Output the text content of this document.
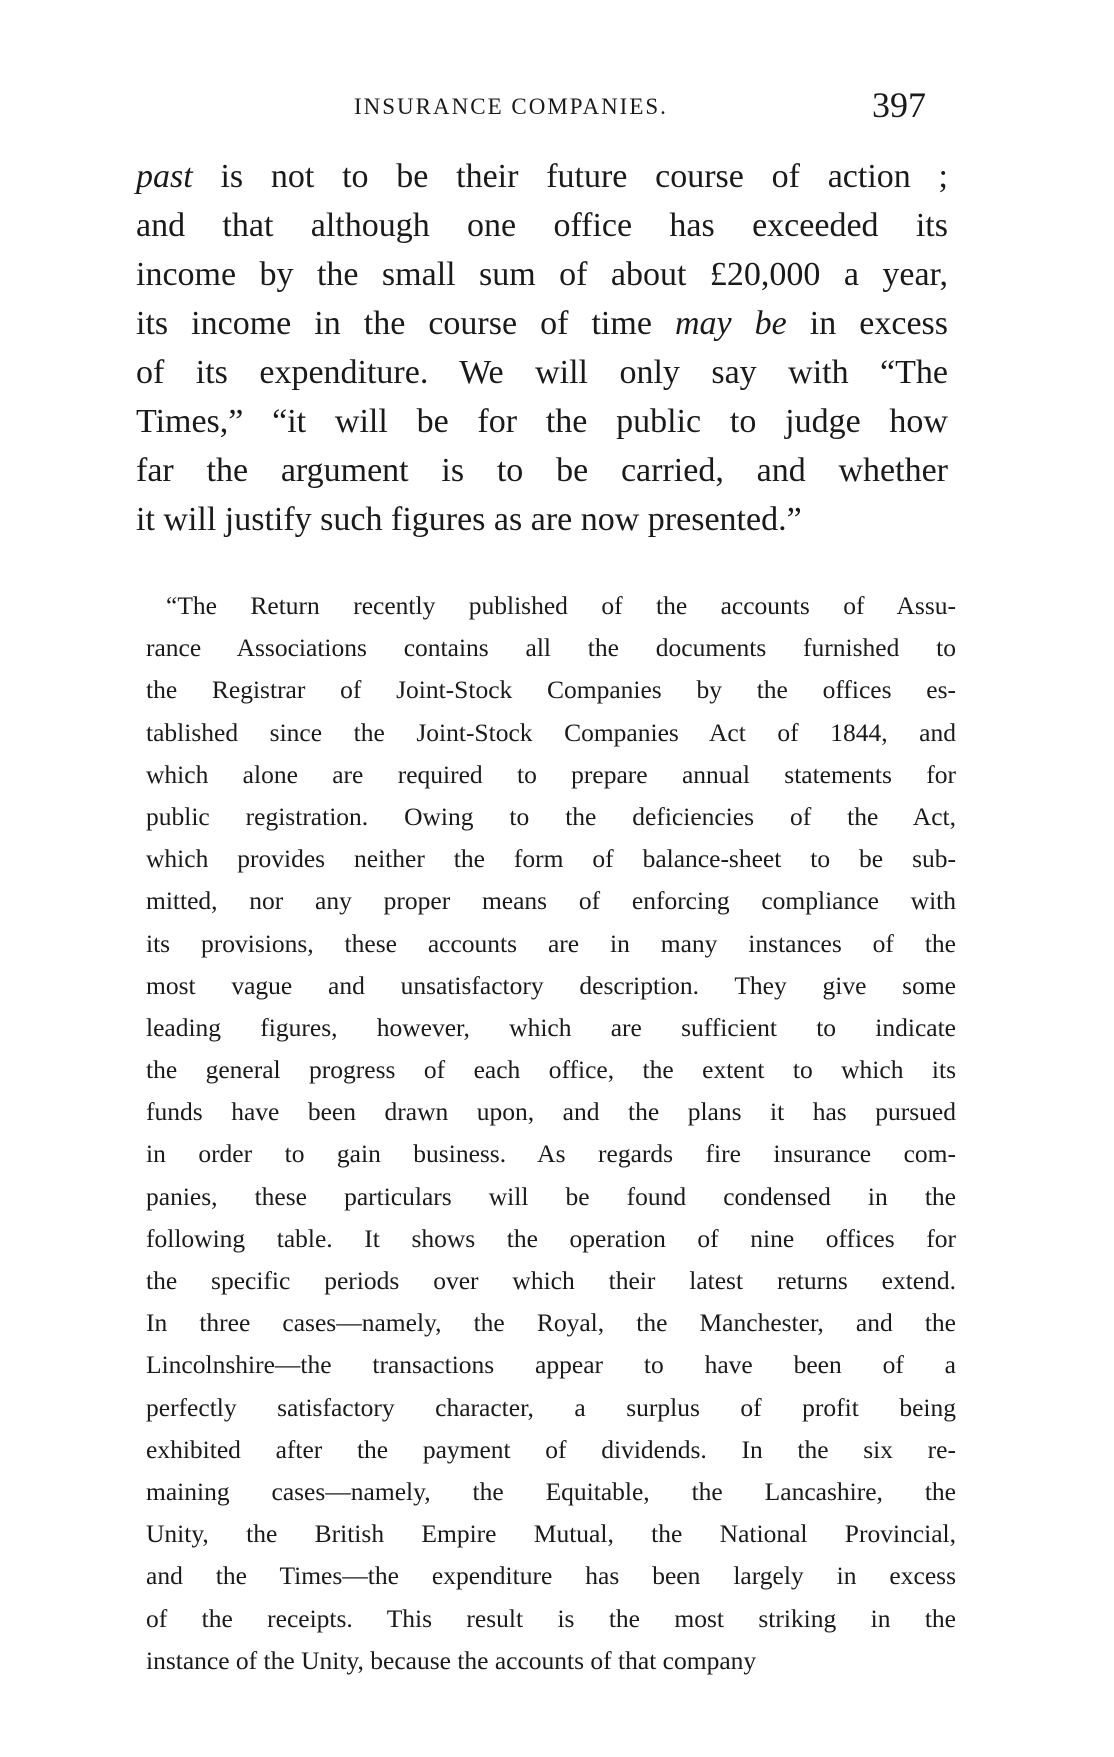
INSURANCE COMPANIES.	397
past is not to be their future course of action ;
and that although one office has exceeded its
income by the small sum of about £20,000 a year,
its income in the course of time may be in excess
of its expenditure. We will only say with “The
Times,” “it will be for the public to judge how
far the argument is to be carried, and whether
it will justify such figures as are now presented.”
“The Return recently published of the accounts of Assu-
rance Associations contains all the documents furnished to
the Registrar of Joint-Stock Companies by the offices es-
tablished since the Joint-Stock Companies Act of 1844, and
which alone are required to prepare annual statements for
public registration. Owing to the deficiencies of the Act,
which provides neither the form of balance-sheet to be sub-
mitted, nor any proper means of enforcing compliance with
its provisions, these accounts are in many instances of the
most vague and unsatisfactory description. They give some
leading figures, however, which are sufficient to indicate
the general progress of each office, the extent to which its
funds have been drawn upon, and the plans it has pursued
in order to gain business. As regards fire insurance com-
panies, these particulars will be found condensed in the
following table. It shows the operation of nine offices for
the specific periods over which their latest returns extend.
In three cases—namely, the Royal, the Manchester, and the
Lincolnshire—the transactions appear to have been of a
perfectly satisfactory character, a surplus of profit being
exhibited after the payment of dividends. In the six re-
maining cases—namely, the Equitable, the Lancashire, the
Unity, the British Empire Mutual, the National Provincial,
and the Times—the expenditure has been largely in excess
of the receipts. This result is the most striking in the
instance of the Unity, because the accounts of that company
